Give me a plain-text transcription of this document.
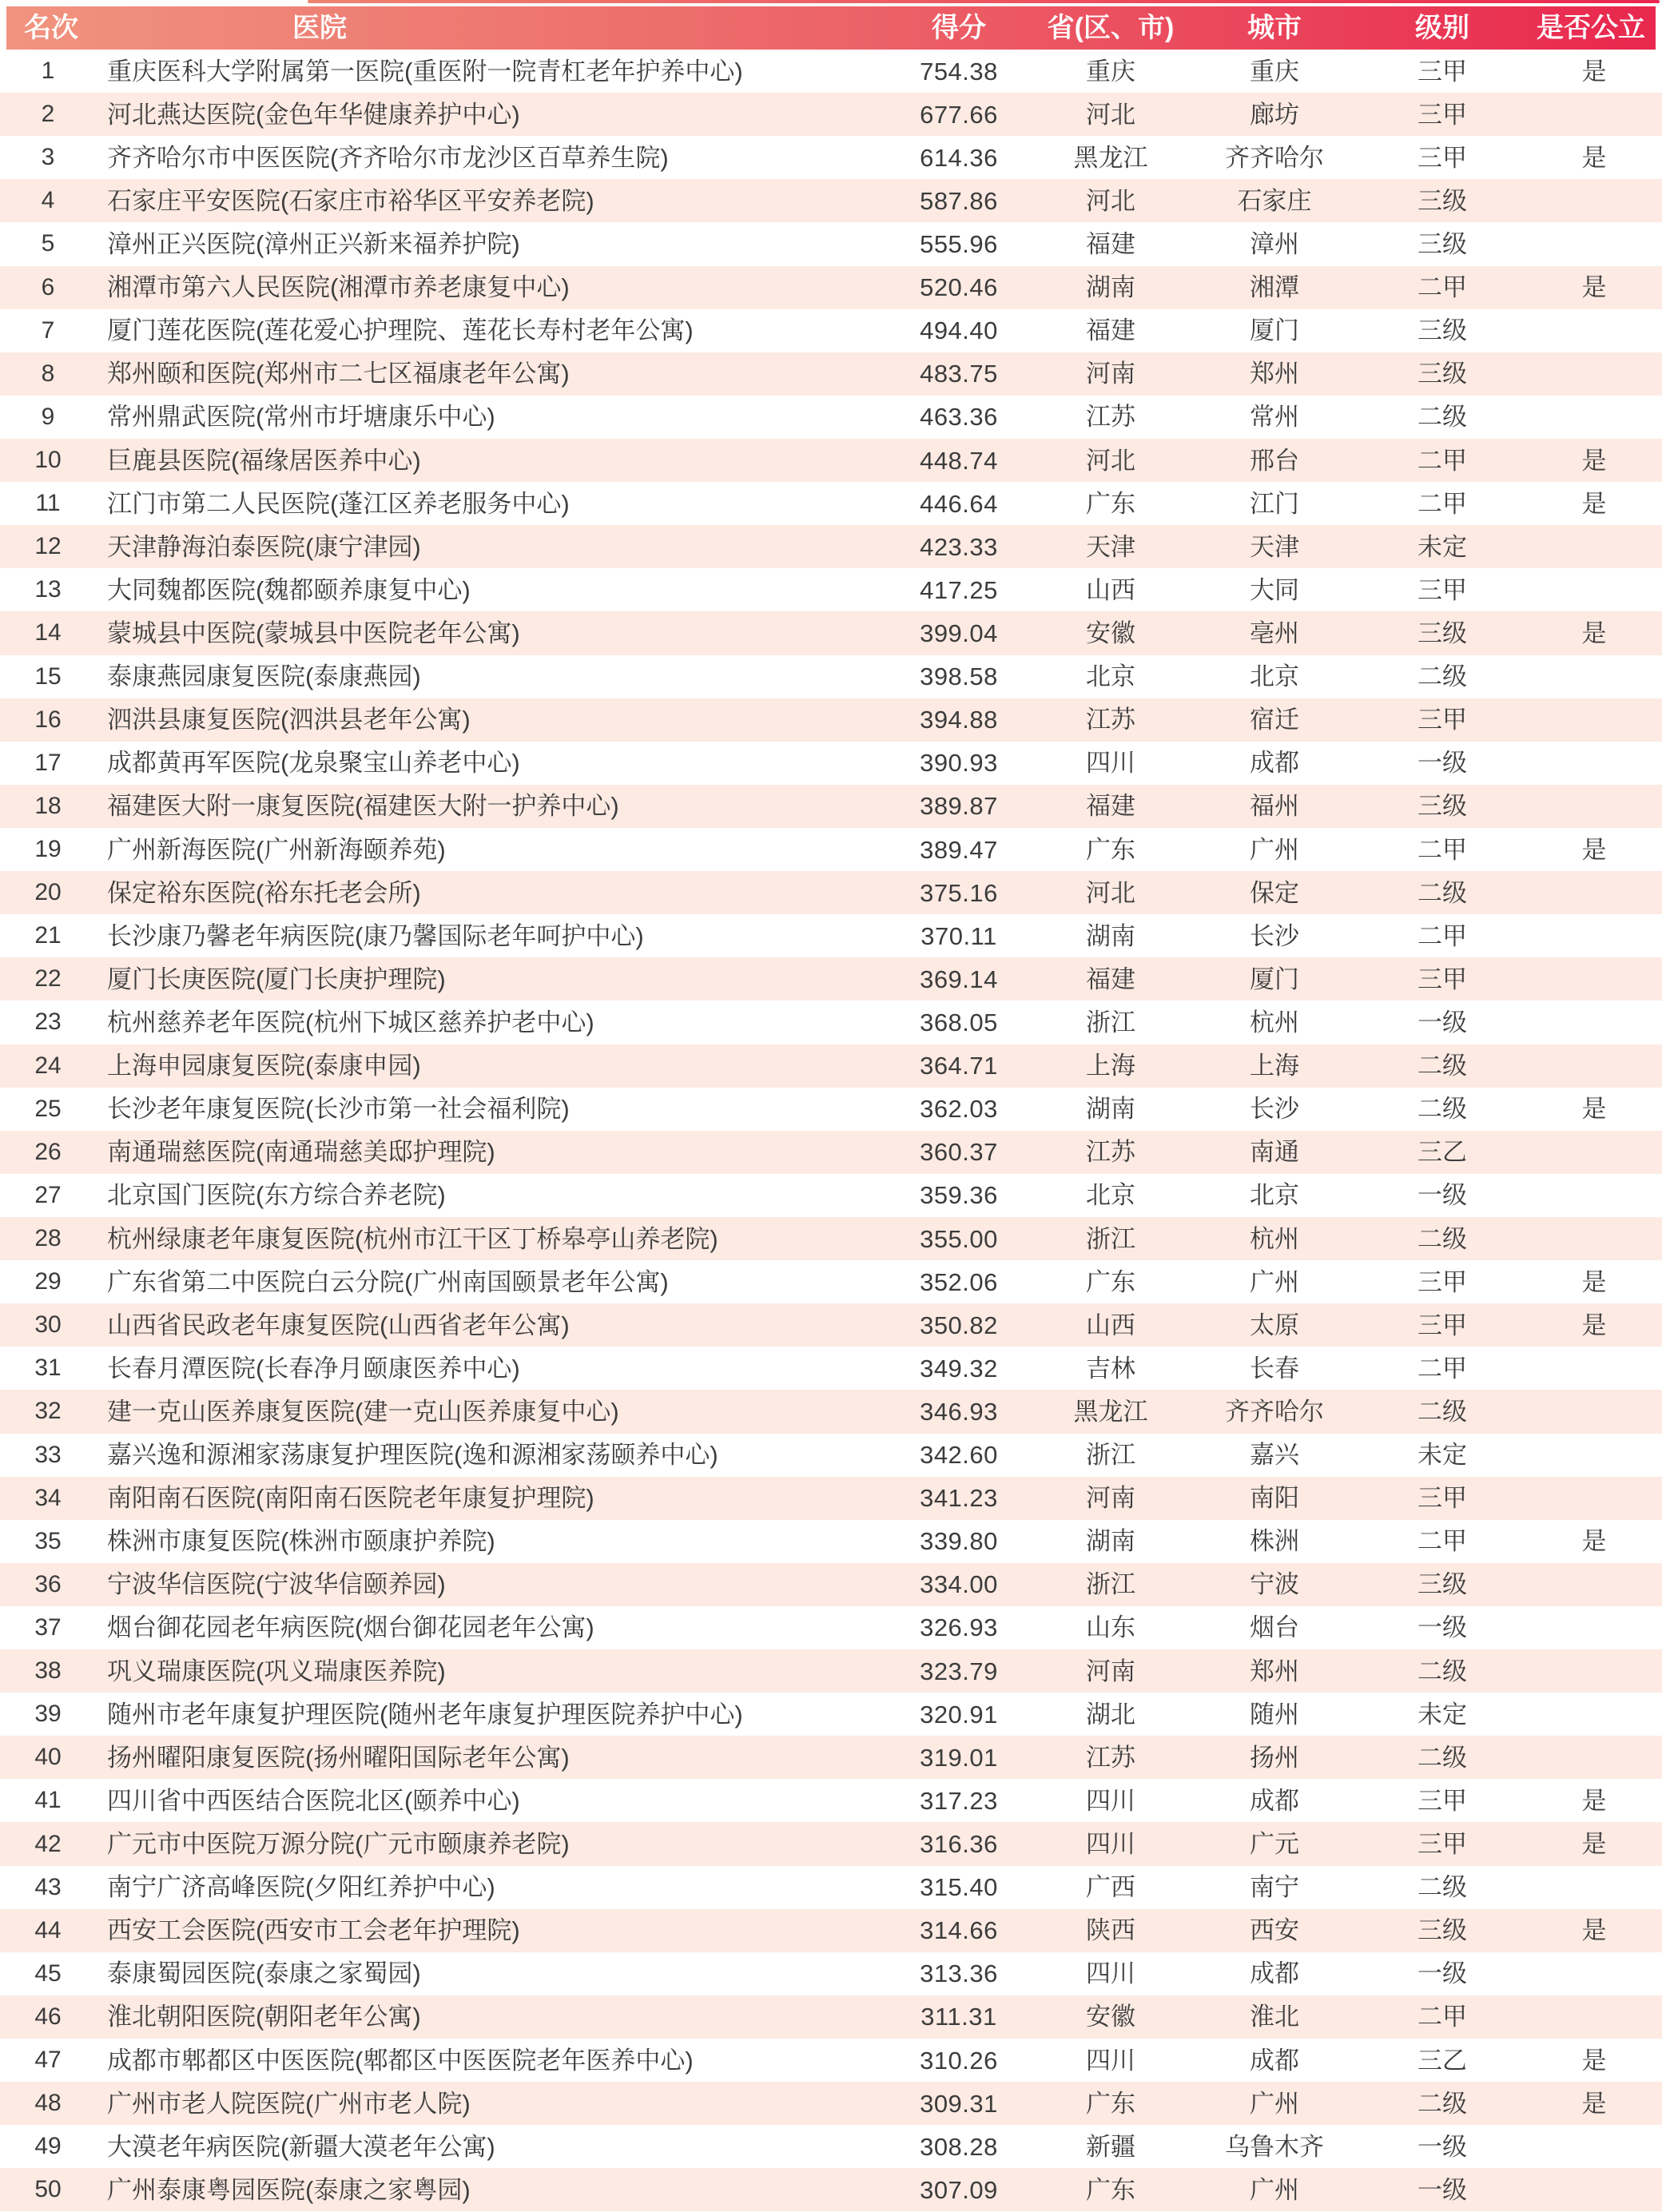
名次	医院	得分	省(区、市)	城市	级别	是否公立
1	重庆医科大学附属第一医院(重医附一院青杠老年护养中心)	754.38	重庆	重庆	三甲	是
2	河北燕达医院(金色年华健康养护中心)	677.66	河北	廊坊	三甲
3	齐齐哈尔市中医医院(齐齐哈尔市龙沙区百草养生院)	614.36	黑龙江	齐齐哈尔	三甲	是
4	石家庄平安医院(石家庄市裕华区平安养老院)	587.86	河北	石家庄	三级
5	漳州正兴医院(漳州正兴新来福养护院)	555.96	福建	漳州	三级
6	湘潭市第六人民医院(湘潭市养老康复中心)	520.46	湖南	湘潭	二甲	是
7	厦门莲花医院(莲花爱心护理院、莲花长寿村老年公寓)	494.40	福建	厦门	三级
8	郑州颐和医院(郑州市二七区福康老年公寓)	483.75	河南	郑州	三级
9	常州鼎武医院(常州市圩塘康乐中心)	463.36	江苏	常州	二级
10	巨鹿县医院(福缘居医养中心)	448.74	河北	邢台	二甲	是
11	江门市第二人民医院(蓬江区养老服务中心)	446.64	广东	江门	二甲	是
12	天津静海泊泰医院(康宁津园)	423.33	天津	天津	未定
13	大同魏都医院(魏都颐养康复中心)	417.25	山西	大同	三甲
14	蒙城县中医院(蒙城县中医院老年公寓)	399.04	安徽	亳州	三级	是
15	泰康燕园康复医院(泰康燕园)	398.58	北京	北京	二级
16	泗洪县康复医院(泗洪县老年公寓)	394.88	江苏	宿迁	三甲
17	成都黄再军医院(龙泉聚宝山养老中心)	390.93	四川	成都	一级
18	福建医大附一康复医院(福建医大附一护养中心)	389.87	福建	福州	三级
19	广州新海医院(广州新海颐养苑)	389.47	广东	广州	二甲	是
20	保定裕东医院(裕东托老会所)	375.16	河北	保定	二级
21	长沙康乃馨老年病医院(康乃馨国际老年呵护中心)	370.11	湖南	长沙	二甲
22	厦门长庚医院(厦门长庚护理院)	369.14	福建	厦门	三甲
23	杭州慈养老年医院(杭州下城区慈养护老中心)	368.05	浙江	杭州	一级
24	上海申园康复医院(泰康申园)	364.71	上海	上海	二级
25	长沙老年康复医院(长沙市第一社会福利院)	362.03	湖南	长沙	二级	是
26	南通瑞慈医院(南通瑞慈美邸护理院)	360.37	江苏	南通	三乙
27	北京国门医院(东方综合养老院)	359.36	北京	北京	一级
28	杭州绿康老年康复医院(杭州市江干区丁桥皋亭山养老院)	355.00	浙江	杭州	二级
29	广东省第二中医院白云分院(广州南国颐景老年公寓)	352.06	广东	广州	三甲	是
30	山西省民政老年康复医院(山西省老年公寓)	350.82	山西	太原	三甲	是
31	长春月潭医院(长春净月颐康医养中心)	349.32	吉林	长春	二甲
32	建一克山医养康复医院(建一克山医养康复中心)	346.93	黑龙江	齐齐哈尔	二级
33	嘉兴逸和源湘家荡康复护理医院(逸和源湘家荡颐养中心)	342.60	浙江	嘉兴	未定
34	南阳南石医院(南阳南石医院老年康复护理院)	341.23	河南	南阳	三甲
35	株洲市康复医院(株洲市颐康护养院)	339.80	湖南	株洲	二甲	是
36	宁波华信医院(宁波华信颐养园)	334.00	浙江	宁波	三级
37	烟台御花园老年病医院(烟台御花园老年公寓)	326.93	山东	烟台	一级
38	巩义瑞康医院(巩义瑞康医养院)	323.79	河南	郑州	二级
39	随州市老年康复护理医院(随州老年康复护理医院养护中心)	320.91	湖北	随州	未定
40	扬州曜阳康复医院(扬州曜阳国际老年公寓)	319.01	江苏	扬州	二级
41	四川省中西医结合医院北区(颐养中心)	317.23	四川	成都	三甲	是
42	广元市中医院万源分院(广元市颐康养老院)	316.36	四川	广元	三甲	是
43	南宁广济高峰医院(夕阳红养护中心)	315.40	广西	南宁	二级
44	西安工会医院(西安市工会老年护理院)	314.66	陕西	西安	三级	是
45	泰康蜀园医院(泰康之家蜀园)	313.36	四川	成都	一级
46	淮北朝阳医院(朝阳老年公寓)	311.31	安徽	淮北	二甲
47	成都市郫都区中医医院(郫都区中医医院老年医养中心)	310.26	四川	成都	三乙	是
48	广州市老人院医院(广州市老人院)	309.31	广东	广州	二级	是
49	大漠老年病医院(新疆大漠老年公寓)	308.28	新疆	乌鲁木齐	一级
50	广州泰康粤园医院(泰康之家粤园)	307.09	广东	广州	一级
